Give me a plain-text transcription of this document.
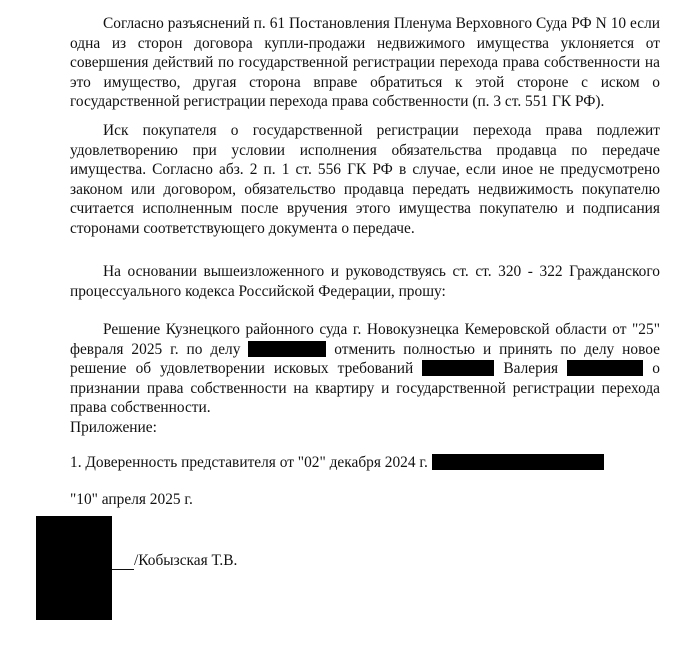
Согласно разъяснений п. 61 Постановления Пленума Верховного Суда РФ N 10 если одна из сторон договора купли-продажи недвижимого имущества уклоняется от совершения действий по государственной регистрации перехода права собственности на это имущество, другая сторона вправе обратиться к этой стороне с иском о государственной регистрации перехода права собственности (п. 3 ст. 551 ГК РФ).

Иск покупателя о государственной регистрации перехода права подлежит удовлетворению при условии исполнения обязательства продавца по передаче имущества. Согласно абз. 2 п. 1 ст. 556 ГК РФ в случае, если иное не предусмотрено законом или договором, обязательство продавца передать недвижимость покупателю считается исполненным после вручения этого имущества покупателю и подписания сторонами соответствующего документа о передаче.

На основании вышеизложенного и руководствуясь ст. ст. 320 - 322 Гражданского процессуального кодекса Российской Федерации, прошу:

Решение Кузнецкого районного суда г. Новокузнецка Кемеровской области от "25" февраля 2025 г. по делу	отменить полностью и принять по делу новое решение об удовлетворении исковых требований	Валерия	о признании права собственности на квартиру и государственной регистрации перехода права собственности.

Приложение:
1. Доверенность представителя от "02" декабря 2024 г.
"10" апреля 2025 г.
/Кобызская Т.В.
